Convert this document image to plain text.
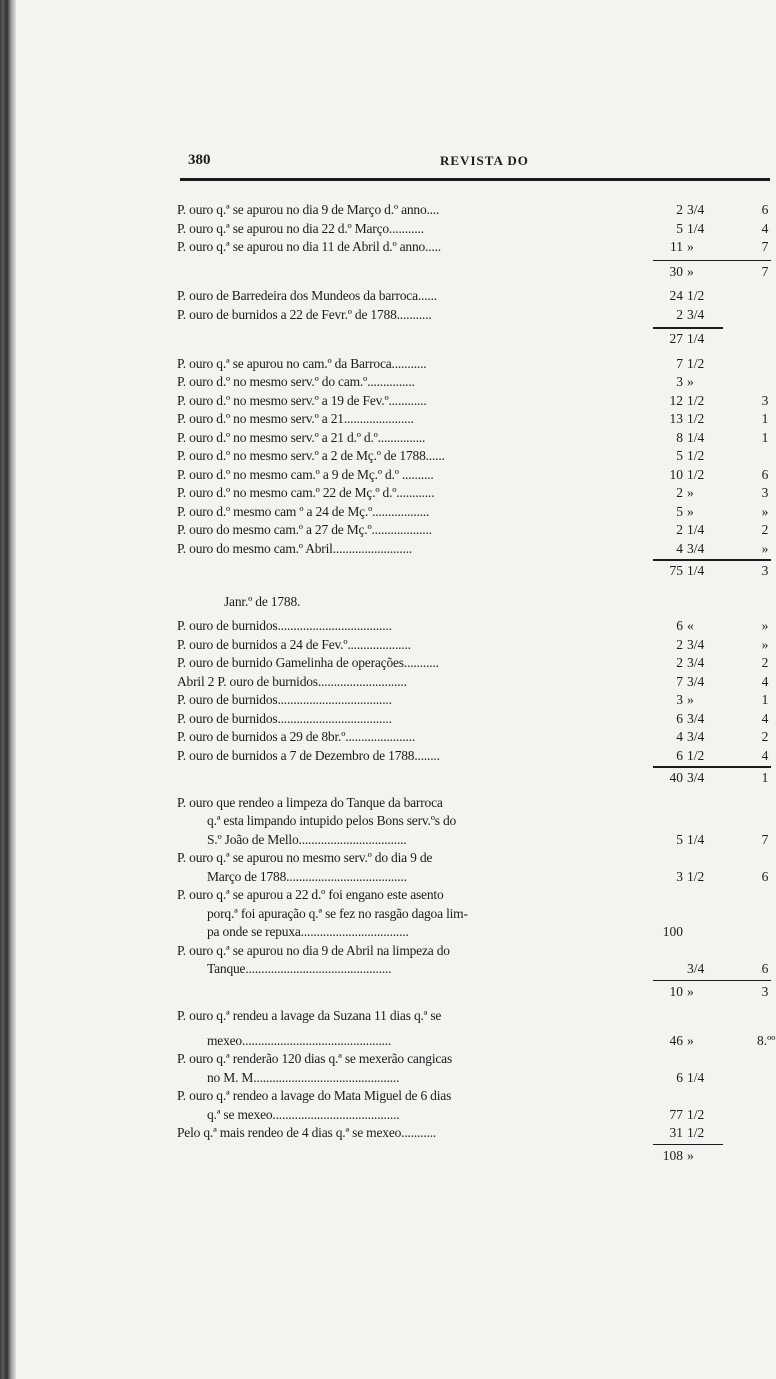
380	REVISTA DO
P. ouro q.ª se apurou no dia 9 de Março d.º anno....	2 3/4	6
P. ouro q.ª se apurou no dia 22 d.º Março...........	5 1/4	4
P. ouro q.ª se apurou no dia 11 de Abril d.º anno.....	11 »	7
30 »	7
P. ouro de Barredeira dos Mundeos da barroca......	24 1/2
P. ouro de burnidos a 22 de Fevr.º de 1788...........	2 3/4
27 1/4
P. ouro q.ª se apurou no cam.º da Barroca...........	7 1/2
P. ouro d.º no mesmo serv.º do cam.º...............	3 »
P. ouro d.º no mesmo serv.º a 19 de Fev.º............	12 1/2	3
P. ouro d.º no mesmo serv.º a 21......................	13 1/2	1
P. ouro d.º no mesmo serv.º a 21 d.º d.º...............	8 1/4	1
P. ouro d.º no mesmo serv.º a 2 de Mç.º de 1788......	5 1/2
P. ouro d.º no mesmo cam.º a 9 de Mç.º d.º ..........	10 1/2	6
P. ouro d.º no mesmo cam.º 22 de Mç.º d.º............	2 »	3
P. ouro d.º mesmo cam º a 24 de Mç.º..................	5 »	»
P. ouro do mesmo cam.º a 27 de Mç.º...................	2 1/4	2
P. ouro do mesmo cam.º Abril.........................	4 3/4	»
75 1/4	3
Janr.º de 1788.
P. ouro de burnidos....................................	6 «	»
P. ouro de burnidos a 24 de Fev.º....................	2 3/4	»
P. ouro de burnido Gamelinha de operações...........	2 3/4	2
Abril 2 P. ouro de burnidos............................	7 3/4	4
P. ouro de burnidos....................................	3 »	1
P. ouro de burnidos....................................	6 3/4	4
P. ouro de burnidos a 29 de 8br.º......................	4 3/4	2
P. ouro de burnidos a 7 de Dezembro de 1788........	6 1/2	4
40 3/4	1
P. ouro que rendeo a limpeza do Tanque da barroca
q.ª esta limpando intupido pelos Bons serv.ºs do
S.º João de Mello..................................	5 1/4	7
P. ouro q.ª se apurou no mesmo serv.º do dia 9 de
Março de 1788......................................	3 1/2	6
P. ouro q.ª se apurou a 22 d.º foi engano este asento
porq.ª foi apuração q.ª se fez no rasgão dagoa lim-
pa onde se repuxa..................................	100
P. ouro q.ª se apurou no dia 9 de Abril na limpeza do
Tanque..............................................	3/4	6
10 »	3
P. ouro q.ª rendeu a lavage da Suzana 11 dias q.ª se
mexeo...............................................	46 »	8.ºº
P. ouro q.ª renderão 120 dias q.ª se mexerão cangicas
no M. M..............................................	6 1/4
P. ouro q.ª rendeo a lavage do Mata Miguel de 6 dias
q.ª se mexeo........................................	77 1/2
Pelo q.ª mais rendeo de 4 dias q.ª se mexeo...........	31 1/2
108 »
